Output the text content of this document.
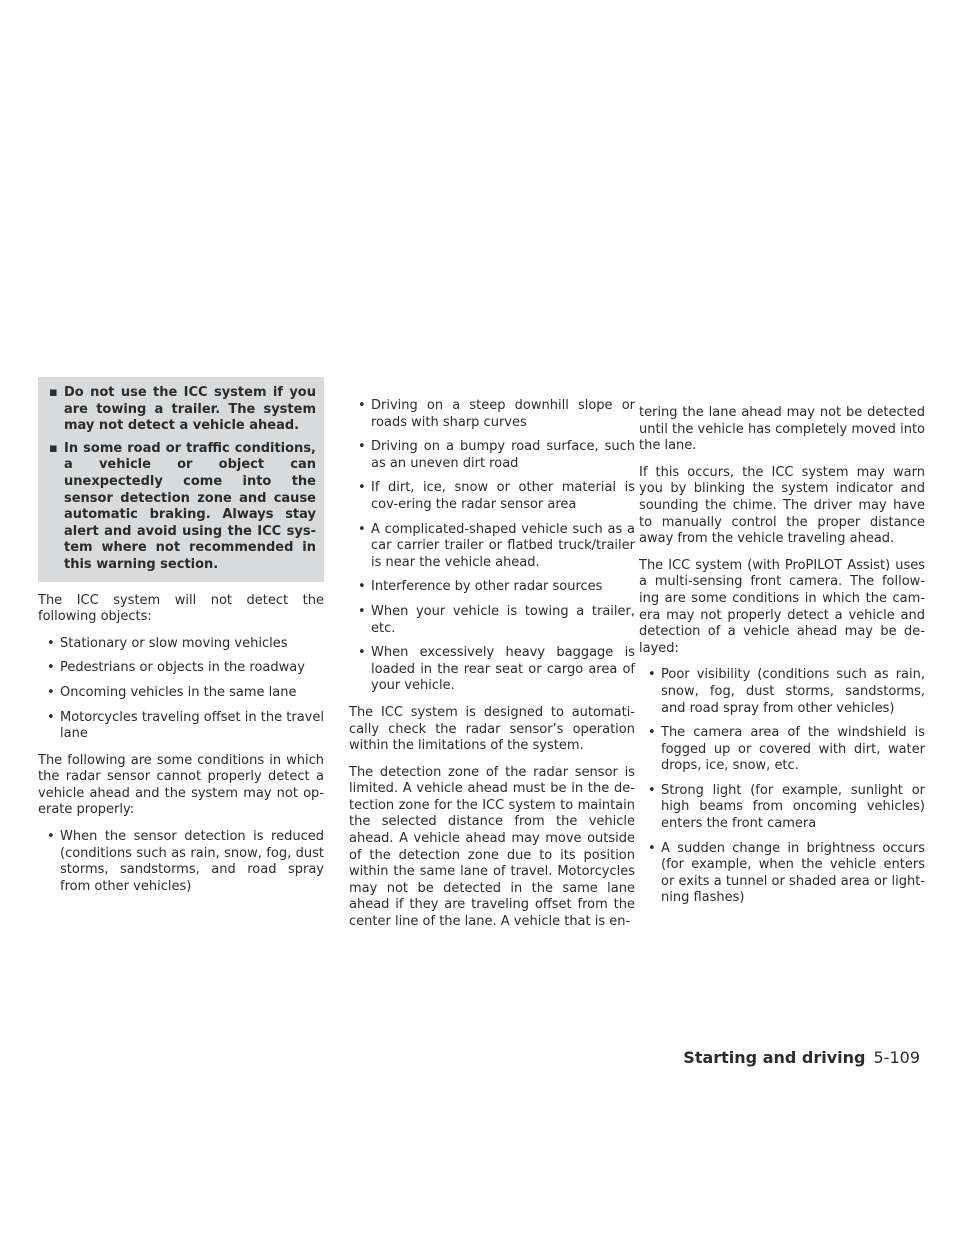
▪ Do not use the ICC system if you are towing a trailer. The system may not detect a vehicle ahead.
▪ In some road or traffic conditions, a vehicle or object can unexpectedly come into the sensor detection zone and cause automatic braking. Always stay alert and avoid using the ICC sys-tem where not recommended in this warning section.

The ICC system will not detect the following objects:

• Stationary or slow moving vehicles
• Pedestrians or objects in the roadway
• Oncoming vehicles in the same lane
• Motorcycles traveling offset in the travel lane

The following are some conditions in which the radar sensor cannot properly detect a vehicle ahead and the system may not op-erate properly:

• When the sensor detection is reduced (conditions such as rain, snow, fog, dust storms, sandstorms, and road spray from other vehicles)
• Driving on a steep downhill slope or roads with sharp curves
• Driving on a bumpy road surface, such as an uneven dirt road
• If dirt, ice, snow or other material is cov-ering the radar sensor area
• A complicated-shaped vehicle such as a car carrier trailer or flatbed truck/trailer is near the vehicle ahead.
• Interference by other radar sources
• When your vehicle is towing a trailer, etc.
• When excessively heavy baggage is loaded in the rear seat or cargo area of your vehicle.

The ICC system is designed to automati-cally check the radar sensor’s operation within the limitations of the system.

The detection zone of the radar sensor is limited. A vehicle ahead must be in the de-tection zone for the ICC system to maintain the selected distance from the vehicle ahead. A vehicle ahead may move outside of the detection zone due to its position within the same lane of travel. Motorcycles may not be detected in the same lane ahead if they are traveling offset from the center line of the lane. A vehicle that is en-

tering the lane ahead may not be detected until the vehicle has completely moved into the lane.

If this occurs, the ICC system may warn you by blinking the system indicator and sounding the chime. The driver may have to manually control the proper distance away from the vehicle traveling ahead.

The ICC system (with ProPILOT Assist) uses a multi-sensing front camera. The follow-ing are some conditions in which the cam-era may not properly detect a vehicle and detection of a vehicle ahead may be de-layed:

• Poor visibility (conditions such as rain, snow, fog, dust storms, sandstorms, and road spray from other vehicles)
• The camera area of the windshield is fogged up or covered with dirt, water drops, ice, snow, etc.
• Strong light (for example, sunlight or high beams from oncoming vehicles) enters the front camera
• A sudden change in brightness occurs (for example, when the vehicle enters or exits a tunnel or shaded area or light-ning flashes)
Starting and driving 5-109
